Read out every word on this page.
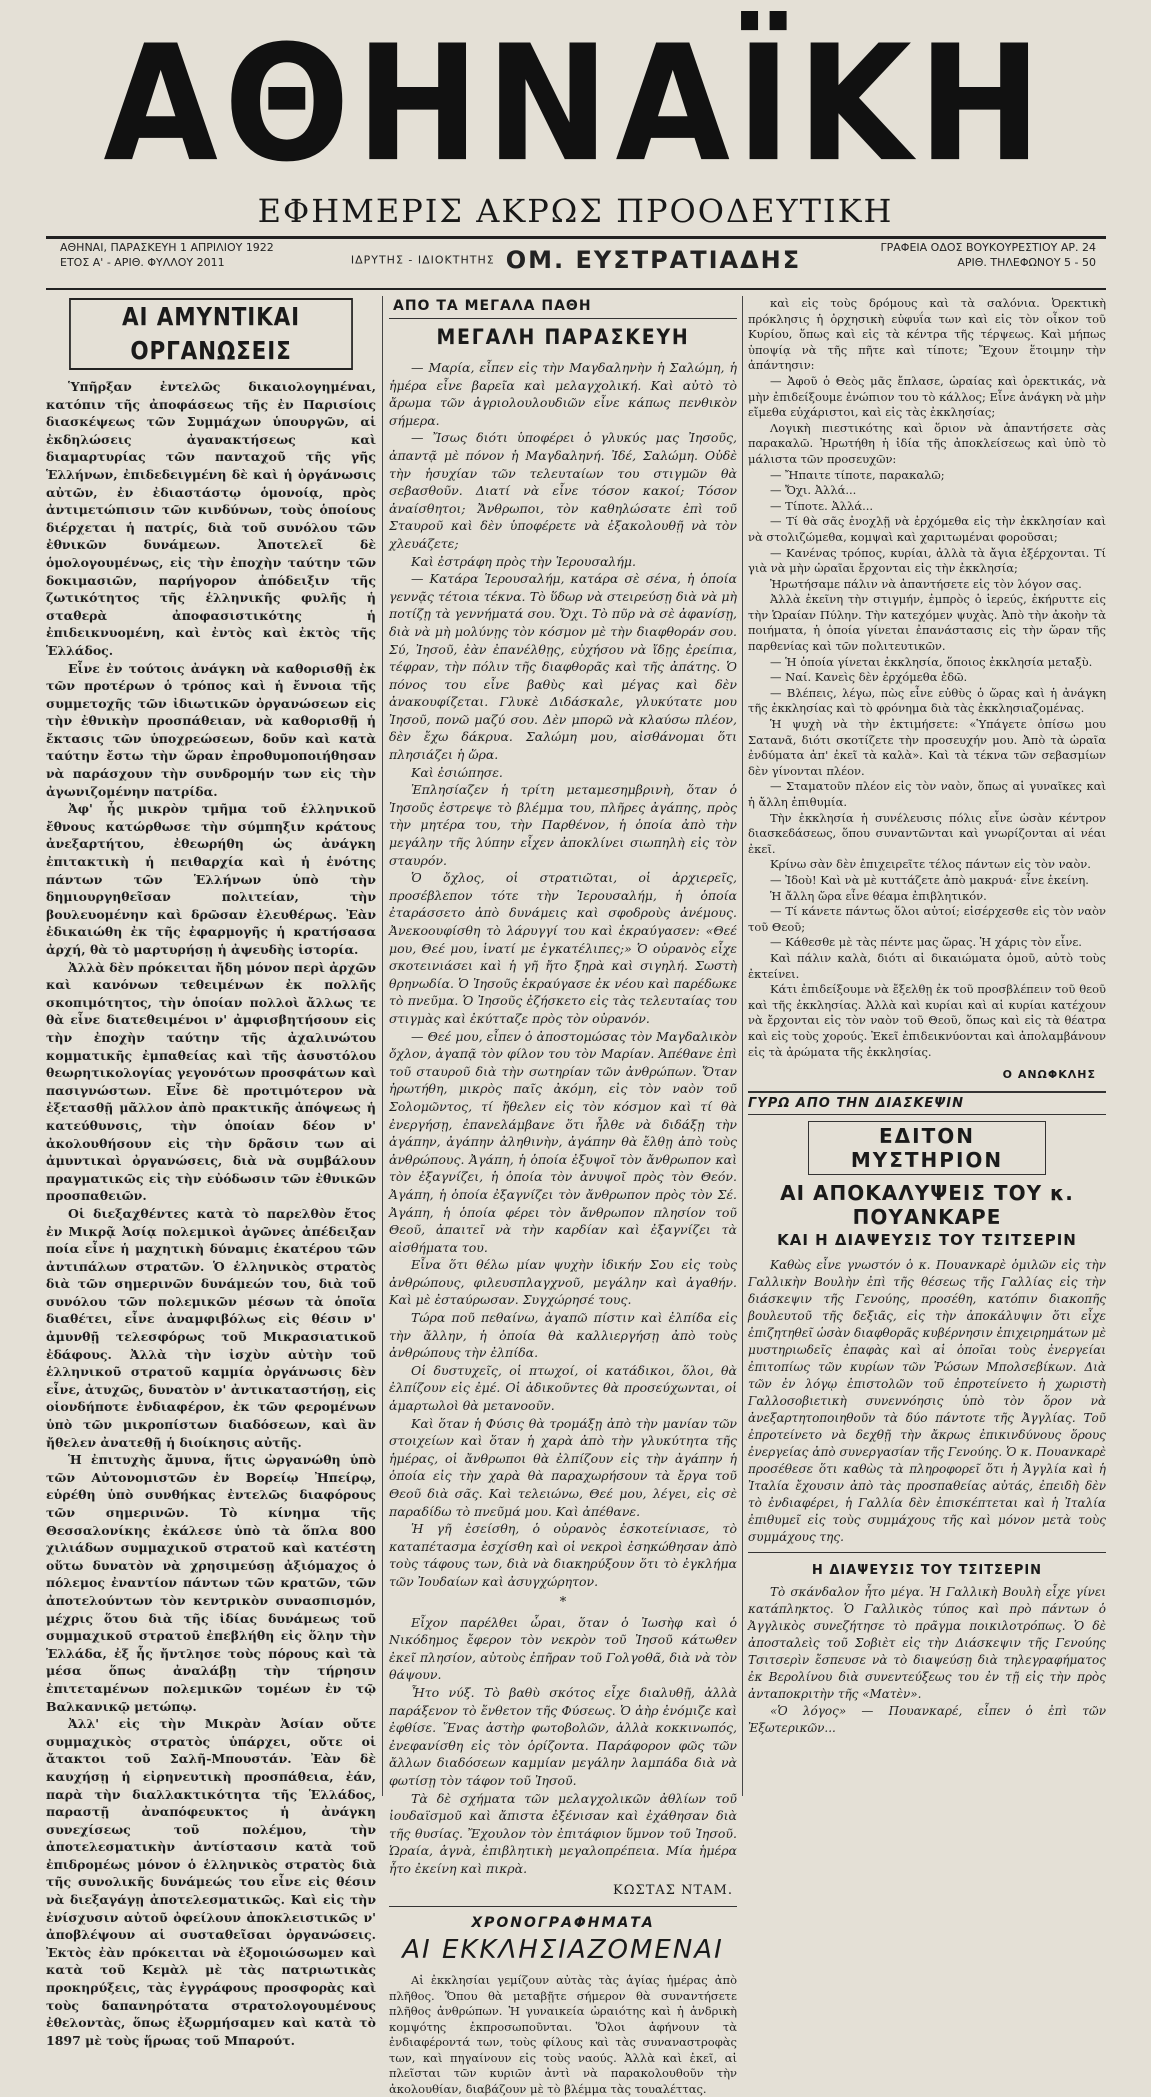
ΑΘΗΝΑΪΚΗ
ΕΦΗΜΕΡΙΣ ΑΚΡΩΣ ΠΡΟΟΔΕΥΤΙΚΗ
ΑΘΗΝΑΙ, ΠΑΡΑΣΚΕΥΗ 1 ΑΠΡΙΛΙΟΥ 1922
ΕΤΟΣ Α' - ΑΡΙΘ. ΦΥΛΛΟΥ 2011	ΙΔΡΥΤΗΣ - ΙΔΙΟΚΤΗΤΗΣ ΟΜ. ΕΥΣΤΡΑΤΙΑΔΗΣ	ΓΡΑΦΕΙΑ ΟΔΟΣ ΒΟΥΚΟΥΡΕΣΤΙΟΥ ΑΡ. 24
ΑΡΙΘ. ΤΗΛΕΦΩΝΟΥ 5 - 50
ΑΙ ΑΜΥΝΤΙΚΑΙ ΟΡΓΑΝΩΣΕΙΣ

Ὑπῆρξαν ἐντελῶς δικαιολογημέναι, κατόπιν τῆς ἀποφάσεως τῆς ἐν Παρισίοις διασκέψεως τῶν Συμμάχων ὑπουργῶν, αἱ ἐκδηλώσεις ἀγανακτήσεως καὶ διαμαρτυρίας τῶν πανταχοῦ τῆς γῆς Ἑλλήνων, ἐπιδεδειγμένη δὲ καὶ ἡ ὀργάνωσις αὐτῶν, ἐν ἐδιαστάστῳ ὁμονοίᾳ, πρὸς ἀντιμετώπισιν τῶν κινδύνων, τοὺς ὁποίους διέρχεται ἡ πατρίς, διὰ τοῦ συνόλου τῶν ἐθνικῶν δυνάμεων. Ἀποτελεῖ δὲ ὁμολογουμένως, εἰς τὴν ἐποχὴν ταύτην τῶν δοκιμασιῶν, παρήγορον ἀπόδειξιν τῆς ζωτικότητος τῆς ἑλληνικῆς φυλῆς ἡ σταθερὰ ἀποφασιστικότης ἡ ἐπιδεικνυομένη, καὶ ἐντὸς καὶ ἐκτὸς τῆς Ἑλλάδος.

Εἶνε ἐν τούτοις ἀνάγκη νὰ καθορισθῇ ἐκ τῶν προτέρων ὁ τρόπος καὶ ἡ ἔννοια τῆς συμμετοχῆς τῶν ἰδιωτικῶν ὀργανώσεων εἰς τὴν ἐθνικὴν προσπάθειαν, νὰ καθορισθῇ ἡ ἔκτασις τῶν ὑποχρεώσεων, δοῦν καὶ κατὰ ταύτην ἔστω τὴν ὥραν ἐπροθυμοποιήθησαν νὰ παράσχουν τὴν συνδρομήν των εἰς τὴν ἀγωνιζομένην πατρίδα.

Ἀφ' ἧς μικρὸν τμῆμα τοῦ ἑλληνικοῦ ἔθνους κατώρθωσε τὴν σύμπηξιν κράτους ἀνεξαρτήτου, ἐθεωρήθη ὡς ἀνάγκη ἐπιτακτικὴ ἡ πειθαρχία καὶ ἡ ἑνότης πάντων τῶν Ἑλλήνων ὑπὸ τὴν δημιουργηθεῖσαν πολιτείαν, τὴν βουλευομένην καὶ δρῶσαν ἐλευθέρως. Ἐὰν ἐδικαιώθη ἐκ τῆς ἐφαρμογῆς ἡ κρατήσασα ἀρχή, θὰ τὸ μαρτυρήσῃ ἡ ἀψευδὴς ἱστορία.

Ἀλλὰ δὲν πρόκειται ἤδη μόνον περὶ ἀρχῶν καὶ κανόνων τεθειμένων ἐκ πολλῆς σκοπιμότητος, τὴν ὁποίαν πολλοὶ ἄλλως τε θὰ εἶνε διατεθειμένοι ν' ἀμφισβητήσουν εἰς τὴν ἐποχὴν ταύτην τῆς ἀχαλινώτου κομματικῆς ἐμπαθείας καὶ τῆς ἀσυστόλου θεωρητικολογίας γεγονότων προσφάτων καὶ πασιγνώστων. Εἶνε δὲ προτιμότερον νὰ ἐξετασθῇ μᾶλλον ἀπὸ πρακτικῆς ἀπόψεως ἡ κατεύθυνσις, τὴν ὁποίαν δέον ν' ἀκολουθήσουν εἰς τὴν δρᾶσιν των αἱ ἀμυντικαὶ ὀργανώσεις, διὰ νὰ συμβάλουν πραγματικῶς εἰς τὴν εὐόδωσιν τῶν ἐθνικῶν προσπαθειῶν.

Οἱ διεξαχθέντες κατὰ τὸ παρελθὸν ἔτος ἐν Μικρᾷ Ἀσίᾳ πολεμικοὶ ἀγῶνες ἀπέδειξαν ποία εἶνε ἡ μαχητικὴ δύναμις ἑκατέρου τῶν ἀντιπάλων στρατῶν. Ὁ ἑλληνικὸς στρατὸς διὰ τῶν σημερινῶν δυνάμεών του, διὰ τοῦ συνόλου τῶν πολεμικῶν μέσων τὰ ὁποῖα διαθέτει, εἶνε ἀναμφιβόλως εἰς θέσιν ν' ἀμυνθῇ τελεσφόρως τοῦ Μικρασιατικοῦ ἐδάφους. Ἀλλὰ τὴν ἰσχὺν αὐτὴν τοῦ ἑλληνικοῦ στρατοῦ καμμία ὀργάνωσις δὲν εἶνε, ἀτυχῶς, δυνατὸν ν' ἀντικαταστήσῃ, εἰς οἱονδήποτε ἐνδιαφέρον, ἐκ τῶν φερομένων ὑπὸ τῶν μικροπίστων διαδόσεων, καὶ ἂν ἤθελεν ἀνατεθῇ ἡ διοίκησις αὐτῆς.

Ἡ ἐπιτυχὴς ἄμυνα, ἥτις ὠργανώθη ὑπὸ τῶν Αὐτονομιστῶν ἐν Βορείῳ Ἠπείρῳ, εὑρέθη ὑπὸ συνθήκας ἐντελῶς διαφόρους τῶν σημερινῶν. Τὸ κίνημα τῆς Θεσσαλονίκης ἐκάλεσε ὑπὸ τὰ ὅπλα 800 χιλιάδων συμμαχικοῦ στρατοῦ καὶ κατέστη οὕτω δυνατὸν νὰ χρησιμεύσῃ ἀξιόμαχος ὁ πόλεμος ἐναντίον πάντων τῶν κρατῶν, τῶν ἀποτελούντων τὸν κεντρικὸν συνασπισμόν, μέχρις ὅτου διὰ τῆς ἰδίας δυνάμεως τοῦ συμμαχικοῦ στρατοῦ ἐπεβλήθη εἰς ὅλην τὴν Ἑλλάδα, ἐξ ἧς ἤντλησε τοὺς πόρους καὶ τὰ μέσα ὅπως ἀναλάβῃ τὴν τήρησιν ἐπιτεταμένων πολεμικῶν τομέων ἐν τῷ Βαλκανικῷ μετώπῳ.

Ἀλλ' εἰς τὴν Μικρὰν Ἀσίαν οὔτε συμμαχικὸς στρατὸς ὑπάρχει, οὔτε οἱ ἄτακτοι τοῦ Σαλῆ-Μπουστάν. Ἐὰν δὲ καυχήσῃ ἡ εἰρηνευτικὴ προσπάθεια, ἐάν, παρὰ τὴν διαλλακτικότητα τῆς Ἑλλάδος, παραστῇ ἀναπόφευκτος ἡ ἀνάγκη συνεχίσεως τοῦ πολέμου, τὴν ἀποτελεσματικὴν ἀντίστασιν κατὰ τοῦ ἐπιδρομέως μόνον ὁ ἑλληνικὸς στρατὸς διὰ τῆς συνολικῆς δυνάμεώς του εἶνε εἰς θέσιν νὰ διεξαγάγῃ ἀποτελεσματικῶς. Καὶ εἰς τὴν ἐνίσχυσιν αὐτοῦ ὀφείλουν ἀποκλειστικῶς ν' ἀποβλέψουν αἱ συσταθεῖσαι ὀργανώσεις. Ἐκτὸς ἐὰν πρόκειται νὰ ἐξομοιώσωμεν καὶ κατὰ τοῦ Κεμὰλ μὲ τὰς πατριωτικὰς προκηρύξεις, τὰς ἐγγράφους προσφορὰς καὶ τοὺς δαπανηρότατα στρατολογουμένους ἐθελοντὰς, ὅπως ἐξωρμήσαμεν καὶ κατὰ τὸ 1897 μὲ τοὺς ἥρωας τοῦ Μπαρούτ.

ΑΠΟ ΤΑ ΜΕΓΑΛΑ ΠΑΘΗ
ΜΕΓΑΛΗ ΠΑΡΑΣΚΕΥΗ

— Μαρία, εἶπεν εἰς τὴν Μαγδαληνὴν ἡ Σαλώμη, ἡ ἡμέρα εἶνε βαρεῖα καὶ μελαγχολική. Καὶ αὐτὸ τὸ ἄρωμα τῶν ἀγριολουλουδιῶν εἶνε κάπως πενθικὸν σήμερα.

— Ἴσως διότι ὑποφέρει ὁ γλυκύς μας Ἰησοῦς, ἀπαντᾷ μὲ πόνον ἡ Μαγδαληνή. Ἰδέ, Σαλώμη. Οὐδὲ τὴν ἡσυχίαν τῶν τελευταίων του στιγμῶν θὰ σεβασθοῦν. Διατί νὰ εἶνε τόσον κακοί; Τόσον ἀναίσθητοι; Ἄνθρωποι, τὸν καθηλώσατε ἐπὶ τοῦ Σταυροῦ καὶ δὲν ὑποφέρετε νὰ ἐξακολουθῇ νὰ τὸν χλευάζετε;

Καὶ ἐστράφη πρὸς τὴν Ἱερουσαλήμ.

— Κατάρα Ἱερουσαλήμ, κατάρα σὲ σένα, ἡ ὁποία γεννᾷς τέτοια τέκνα. Τὸ ὕδωρ νὰ στειρεύσῃ διὰ νὰ μὴ ποτίζῃ τὰ γεννήματά σου. Ὄχι. Τὸ πῦρ νὰ σὲ ἀφανίσῃ, διὰ νὰ μὴ μολύνῃς τὸν κόσμον μὲ τὴν διαφθοράν σου. Σύ, Ἰησοῦ, ἐὰν ἐπανέλθῃς, εὐχήσου νὰ ἴδῃς ἐρείπια, τέφραν, τὴν πόλιν τῆς διαφθορᾶς καὶ τῆς ἀπάτης. Ὁ πόνος του εἶνε βαθὺς καὶ μέγας καὶ δὲν ἀνακουφίζεται. Γλυκὲ Διδάσκαλε, γλυκύτατε μου Ἰησοῦ, πονῶ μαζύ σου. Δὲν μπορῶ νὰ κλαύσω πλέον, δὲν ἔχω δάκρυα. Σαλώμη μου, αἰσθάνομαι ὅτι πλησιάζει ἡ ὥρα.

Καὶ ἐσιώπησε.

Ἐπλησίαζεν ἡ τρίτη μεταμεσημβρινὴ, ὅταν ὁ Ἰησοῦς ἐστρεψε τὸ βλέμμα του, πλῆρες ἀγάπης, πρὸς τὴν μητέρα του, τὴν Παρθένον, ἡ ὁποία ἀπὸ τὴν μεγάλην τῆς λύπην εἶχεν ἀποκλίνει σιωπηλὴ εἰς τὸν σταυρόν.

Ὁ ὄχλος, οἱ στρατιῶται, οἱ ἀρχιερεῖς, προσέβλεπον τότε τὴν Ἱερουσαλήμ, ἡ ὁποία ἐταράσσετο ἀπὸ δυνάμεις καὶ σφοδροὺς ἀνέμους. Ἀνεκοουφίσθη τὸ λάρυγγί του καὶ ἐκραύγασεν: «Θεέ μου, Θεέ μου, ἱνατί με ἐγκατέλιπες;» Ὁ οὐρανὸς εἶχε σκοτεινιάσει καὶ ἡ γῆ ἤτο ξηρὰ καὶ σιγηλή. Σωστὴ θρηνωδία. Ὁ Ἰησοῦς ἐκραύγασε ἐκ νέου καὶ παρέδωκε τὸ πνεῦμα. Ὁ Ἰησοῦς ἐζήσκετο εἰς τὰς τελευταίας του στιγμὰς καὶ ἐκύτταζε πρὸς τὸν οὐρανόν.

— Θεέ μου, εἶπεν ὁ ἀποστομώσας τὸν Μαγδαλικὸν ὄχλον, ἀγαπᾷ τὸν φίλον του τὸν Μαρίαν. Ἀπέθανε ἐπὶ τοῦ σταυροῦ διὰ τὴν σωτηρίαν τῶν ἀνθρώπων. Ὅταν ἠρωτήθη, μικρὸς παῖς ἀκόμη, εἰς τὸν ναὸν τοῦ Σολομῶντος, τί ἤθελεν εἰς τὸν κόσμον καὶ τί θὰ ἐνεργήσῃ, ἐπανελάμβανε ὅτι ἦλθε νὰ διδάξῃ τὴν ἀγάπην, ἀγάπην ἀληθινὴν, ἀγάπην θὰ ἔλθῃ ἀπὸ τοὺς ἀνθρώπους. Ἀγάπη, ἡ ὁποία ἐξυψοῖ τὸν ἄνθρωπον καὶ τὸν ἐξαγνίζει, ἡ ὁποία τὸν ἀνυψοῖ πρὸς τὸν Θεόν. Ἀγάπη, ἡ ὁποία ἐξαγνίζει τὸν ἄνθρωπον πρὸς τὸν Σέ. Ἀγάπη, ἡ ὁποία φέρει τὸν ἄνθρωπον πλησίον τοῦ Θεοῦ, ἀπαιτεῖ νὰ τὴν καρδίαν καὶ ἐξαγνίζει τὰ αἰσθήματα του.

Εἶνα ὅτι θέλω μίαν ψυχὴν ἰδικήν Σου εἰς τοὺς ἀνθρώπους, φιλευσπλαγχνοῦ, μεγάλην καὶ ἀγαθήν. Καὶ μὲ ἐσταύρωσαν. Συγχώρησέ τους.

Τώρα ποῦ πεθαίνω, ἀγαπῶ πίστιν καὶ ἐλπίδα εἰς τὴν ἄλλην, ἡ ὁποία θὰ καλλιεργήσῃ ἀπὸ τοὺς ἀνθρώπους τὴν ἐλπίδα.

Οἱ δυστυχεῖς, οἱ πτωχοί, οἱ κατάδικοι, ὅλοι, θὰ ἐλπίζουν εἰς ἐμέ. Οἱ ἀδικοῦντες θὰ προσεύχωνται, οἱ ἁμαρτωλοὶ θὰ μετανοοῦν.

Καὶ ὅταν ἡ Φύσις θὰ τρομάξῃ ἀπὸ τὴν μανίαν τῶν στοιχείων καὶ ὅταν ἡ χαρὰ ἀπὸ τὴν γλυκύτητα τῆς ἡμέρας, οἱ ἄνθρωποι θὰ ἐλπίζουν εἰς τὴν ἀγάπην ἡ ὁποία εἰς τὴν χαρὰ θὰ παραχωρήσουν τὰ ἔργα τοῦ Θεοῦ διὰ σᾶς. Καὶ τελειώνω, Θεέ μου, λέγει, εἰς σὲ παραδίδω τὸ πνεῦμά μου. Καὶ ἀπέθανε.

Ἡ γῆ ἐσείσθη, ὁ οὐρανὸς ἐσκοτείνιασε, τὸ καταπέτασμα ἐσχίσθη καὶ οἱ νεκροὶ ἐσηκώθησαν ἀπὸ τοὺς τάφους των, διὰ νὰ διακηρύξουν ὅτι τὸ ἐγκλήμα τῶν Ἰουδαίων καὶ ἀσυγχώρητον.

*

Εἶχον παρέλθει ὧραι, ὅταν ὁ Ἰωσὴφ καὶ ὁ Νικόδημος ἔφερον τὸν νεκρὸν τοῦ Ἰησοῦ κάτωθεν ἐκεῖ πλησίον, αὐτοὺς ἐπῆραν τοῦ Γολγοθᾶ, διὰ νὰ τὸν θάψουν.

Ἦτο νύξ. Τὸ βαθὺ σκότος εἶχε διαλυθῇ, ἀλλὰ παράξενον τὸ ἔνθετον τῆς Φύσεως. Ὁ ἀὴρ ἐνόμιζε καὶ ἐφθίσε. Ἕνας ἀστὴρ φωτοβολῶν, ἀλλὰ κοκκινωπός, ἐνεφανίσθη εἰς τὸν ὁρίζοντα. Παράφορον φῶς τῶν ἄλλων διαδόσεων καμμίαν μεγάλην λαμπάδα διὰ νὰ φωτίσῃ τὸν τάφον τοῦ Ἰησοῦ.

Τὰ δὲ σχήματα τῶν μελαγχολικῶν ἀθλίων τοῦ ἰουδαϊσμοῦ καὶ ἄπιστα ἐξένισαν καὶ ἐχάθησαν διὰ τῆς θυσίας. Ἔχουλον τὸν ἐπιτάφιον ὕμνον τοῦ Ἰησοῦ. Ὡραία, ἁγνὰ, ἐπιβλητικὴ μεγαλοπρέπεια. Μία ἡμέρα ἦτο ἐκείνη καὶ πικρὰ.

ΚΩΣΤΑΣ ΝΤΑΜ.
ΧΡΟΝΟΓΡΑΦΗΜΑΤΑ
ΑΙ ΕΚΚΛΗΣΙΑΖΟΜΕΝΑΙ

Αἱ ἐκκλησίαι γεμίζουν αὐτὰς τὰς ἁγίας ἡμέρας ἀπὸ πλῆθος. Ὅπου θὰ μεταβῇτε σήμερον θὰ συναντήσετε πλῆθος ἀνθρώπων. Ἡ γυναικεία ὡραιότης καὶ ἡ ἀνδρικὴ κομψότης ἐκπροσωποῦνται. Ὅλοι ἀφήνουν τὰ ἐνδιαφέροντά των, τοὺς φίλους καὶ τὰς συναναστροφὰς των, καὶ πηγαίνουν εἰς τοὺς ναούς. Ἀλλὰ καὶ ἐκεῖ, αἱ πλεῖσται τῶν κυριῶν ἀντὶ νὰ παρακολουθοῦν τὴν ἀκολουθίαν, διαβάζουν μὲ τὸ βλέμμα τὰς τουαλέττας.

καὶ εἰς τοὺς δρόμους καὶ τὰ σαλόνια. Ὀρεκτικὴ πρόκλησις ἡ ὀρχησικὴ εὐφυΐα των καὶ εἰς τὸν οἶκον τοῦ Κυρίου, ὅπως καὶ εἰς τὰ κέντρα τῆς τέρψεως. Καὶ μήπως ὑποψίᾳ νὰ τῆς πῆτε καὶ τίποτε; Ἔχουν ἕτοιμην τὴν ἀπάντησιν:

— Ἀφοῦ ὁ Θεὸς μᾶς ἔπλασε, ὡραίας καὶ ὀρεκτικάς, νὰ μὴν ἐπιδείξουμε ἐνώπιον του τὸ κάλλος; Εἶνε ἀνάγκη νὰ μὴν εἴμεθα εὐχάριστοι, καὶ εἰς τὰς ἐκκλησίας;

Λογικὴ πιεστικότης καὶ ὅριον νὰ ἀπαντήσετε σὰς παρακαλῶ. Ἠρωτήθη ἡ ἰδία τῆς ἀποκλείσεως καὶ ὑπὸ τὸ μάλιστα τῶν προσευχῶν:

— Ἤπαιτε τίποτε, παρακαλῶ;

— Ὄχι. Ἀλλά...

— Τίποτε. Ἀλλά...

— Τί θὰ σᾶς ἐνοχλῇ νὰ ἐρχόμεθα εἰς τὴν ἐκκλησίαν καὶ νὰ στολιζώμεθα, κομψαὶ καὶ χαριτωμέναι φοροῦσαι;

— Κανένας τρόπος, κυρίαι, ἀλλὰ τὰ ἄγια ἐξέρχονται. Τί γιὰ νὰ μὴν ὡραῖαι ἔρχονται εἰς τὴν ἐκκλησία;

Ἠρωτήσαμε πάλιν νὰ ἀπαντήσετε εἰς τὸν λόγον σας.

Ἀλλὰ ἐκεῖνη τὴν στιγμήν, ἐμπρὸς ὁ ἱερεύς, ἐκήρυττε εἰς τὴν Ὡραίαν Πύλην. Τὴν κατεχόμεν ψυχὰς. Ἀπὸ τὴν ἀκοὴν τὰ ποιήματα, ἡ ὁποία γίνεται ἐπανάστασις εἰς τὴν ὥραν τῆς παρθενίας καὶ τῶν πολιτευτικῶν.

— Ἡ ὁποία γίνεται ἐκκλησία, ὅποιος ἐκκλησία μεταξὺ.

— Ναί. Κανεὶς δὲν ἐρχόμεθα ἐδῶ.

— Βλέπεις, λέγω, πὼς εἶνε εὐθὺς ὁ ὥρας καὶ ἡ ἀνάγκη τῆς ἐκκλησίας καὶ τὸ φρόνημα διὰ τὰς ἐκκλησιαζομένας.

Ἡ ψυχὴ νὰ τὴν ἐκτιμήσετε: «Ὑπάγετε ὀπίσω μου Σατανᾶ, διότι σκοτίζετε τὴν προσευχήν μου. Ἀπὸ τὰ ὡραῖα ἐνδύματα ἀπ' ἐκεῖ τὰ καλὰ». Καὶ τὰ τέκνα τῶν σεβασμίων δὲν γίνονται πλέον.

— Σταματοῦν πλέον εἰς τὸν ναὸν, ὅπως αἱ γυναῖκες καὶ ἡ ἄλλη ἐπιθυμία.

Τὴν ἐκκλησία ἡ συνέλευσις πόλις εἶνε ὡσὰν κέντρον διασκεδάσεως, ὅπου συναντῶνται καὶ γνωρίζονται αἱ νέαι ἐκεῖ.

Κρίνω σὰν δὲν ἐπιχειρεῖτε τέλος πάντων εἰς τὸν ναὸν.

— Ἰδοὺ! Καὶ νὰ μὲ κυττάζετε ἀπὸ μακρυά· εἶνε ἐκείνη.

Ἡ ἄλλη ὥρα εἶνε θέαμα ἐπιβλητικόν.

— Τί κάνετε πάντως ὅλοι αὐτοί; εἰσέρχεσθε εἰς τὸν ναὸν τοῦ Θεοῦ;

— Κάθεσθε μὲ τὰς πέντε μας ὥρας. Ἡ χάρις τὸν εἶνε.

Καὶ πάλιν καλὰ, διότι αἱ δικαιώματα ὁμοῦ, αὐτὸ τοὺς ἐκτείνει.

Κάτι ἐπιδείξουμε νὰ ἔξελθῃ ἐκ τοῦ προσβλέπειν τοῦ θεοῦ καὶ τῆς ἐκκλησίας. Ἀλλὰ καὶ κυρίαι καὶ αἱ κυρίαι κατέχουν νὰ ἔρχονται εἰς τὸν ναὸν τοῦ Θεοῦ, ὅπως καὶ εἰς τὰ θέατρα καὶ εἰς τοὺς χορούς. Ἐκεῖ ἐπιδεικνύονται καὶ ἀπολαμβάνουν εἰς τὰ ἀρώματα τῆς ἐκκλησίας.

Ο ΑΝΩΦΚΛΗΣ
ΓΥΡΩ ΑΠΟ ΤΗΝ ΔΙΑΣΚΕΨΙΝ
ΕΔΙΤΟΝ ΜΥΣΤΗΡΙΟΝ
ΑΙ ΑΠΟΚΑΛΥΨΕΙΣ ΤΟΥ κ. ΠΟΥΑΝΚΑΡΕ
ΚΑΙ Η ΔΙΑΨΕΥΣΙΣ ΤΟΥ ΤΣΙΤΣΕΡΙΝ

Καθὼς εἶνε γνωστόν ὁ κ. Πουανκαρὲ ὁμιλῶν εἰς τὴν Γαλλικὴν Βουλὴν ἐπὶ τῆς θέσεως τῆς Γαλλίας εἰς τὴν διάσκεψιν τῆς Γενούης, προσέθη, κατόπιν διακοπῆς βουλευτοῦ τῆς δεξιᾶς, εἰς τὴν ἀποκάλυψιν ὅτι εἶχε ἐπιζητηθεῖ ὡσὰν διαφθορᾶς κυβέρνησιν ἐπιχειρημάτων μὲ μυστηριωδεῖς ἐπαφὰς καὶ αἱ ὁποῖαι τοὺς ἐνεργείαι ἐπιτοπίως τῶν κυρίων τῶν Ῥώσων Μπολσεβίκων. Διὰ τῶν ἐν λόγῳ ἐπιστολῶν τοῦ ἐπροτείνετο ἡ χωριστὴ Γαλλοσοβιετικὴ συνεννόησις ὑπὸ τὸν ὅρον νὰ ἀνεξαρτητοποιηθοῦν τὰ δύο πάντοτε τῆς Ἀγγλίας. Τοῦ ἐπροτείνετο νὰ δεχθῇ τὴν ἄκρως ἐπικινδύνους ὅρους ἐνεργείας ἀπὸ συνεργασίαν τῆς Γενούης. Ὁ κ. Πουανκαρὲ προσέθεσε ὅτι καθὼς τὰ πληροφορεῖ ὅτι ἡ Ἀγγλία καὶ ἡ Ἰταλία ἔχουσιν ἀπὸ τὰς προσπαθείας αὐτάς, ἐπειδὴ δὲν τὸ ἐνδιαφέρει, ἡ Γαλλία δὲν ἐπισκέπτεται καὶ ἡ Ἰταλία ἐπιθυμεῖ εἰς τοὺς συμμάχους τῆς καὶ μόνον μετὰ τοὺς συμμάχους της.

Η ΔΙΑΨΕΥΣΙΣ ΤΟΥ ΤΣΙΤΣΕΡΙΝ

Τὸ σκάνδαλον ἦτο μέγα. Ἡ Γαλλικὴ Βουλὴ εἶχε γίνει κατάπληκτος. Ὁ Γαλλικὸς τύπος καὶ πρὸ πάντων ὁ Ἀγγλικὸς συνεζήτησε τὸ πρᾶγμα ποικιλοτρόπως. Ὁ δὲ ἀποσταλεὶς τοῦ Σοβιὲτ εἰς τὴν Διάσκεψιν τῆς Γενούης Τσιτσερὶν ἔσπευσε νὰ τὸ διαψεύσῃ διὰ τηλεγραφήματος ἐκ Βερολίνου διὰ συνεντεύξεως του ἐν τῇ εἰς τὴν πρὸς ἀνταποκριτὴν τῆς «Ματὲν».

«Ὁ λόγος» — Πουανκαρέ, εἶπεν ὁ ἐπὶ τῶν Ἐξωτερικῶν...
